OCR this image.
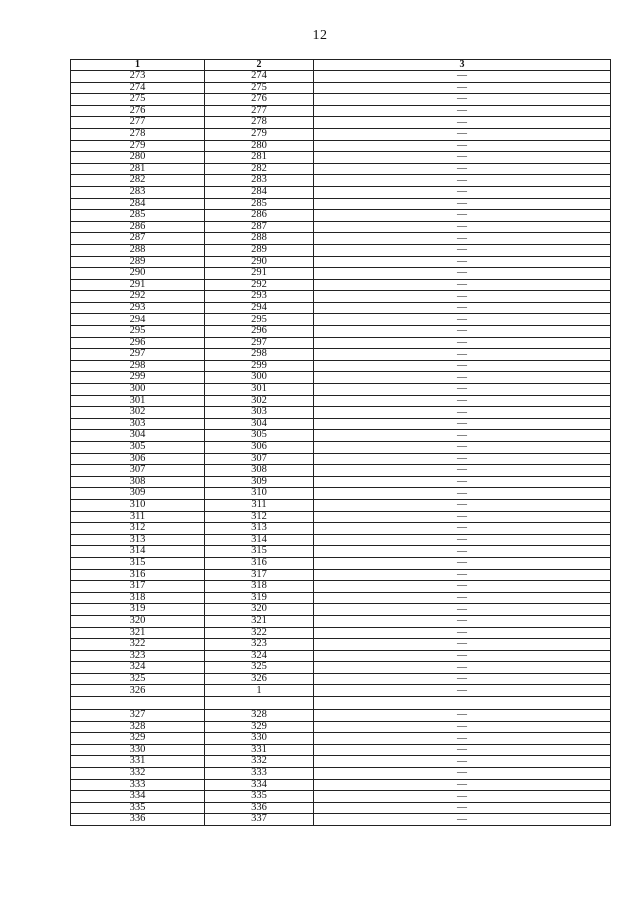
12
1	2	3
273	274	—
274	275	—
275	276	—
276	277	—
277	278	—
278	279	—
279	280	—
280	281	—
281	282	—
282	283	—
283	284	—
284	285	—
285	286	—
286	287	—
287	288	—
288	289	—
289	290	—
290	291	—
291	292	—
292	293	—
293	294	—
294	295	—
295	296	—
296	297	—
297	298	—
298	299	—
299	300	—
300	301	—
301	302	—
302	303	—
303	304	—
304	305	—
305	306	—
306	307	—
307	308	—
308	309	—
309	310	—
310	311	—
311	312	—
312	313	—
313	314	—
314	315	—
315	316	—
316	317	—
317	318	—
318	319	—
319	320	—
320	321	—
321	322	—
322	323	—
323	324	—
324	325	—
325	326	—
326	1	—

327	328	—
328	329	—
329	330	—
330	331	—
331	332	—
332	333	—
333	334	—
334	335	—
335	336	—
336	337	—
